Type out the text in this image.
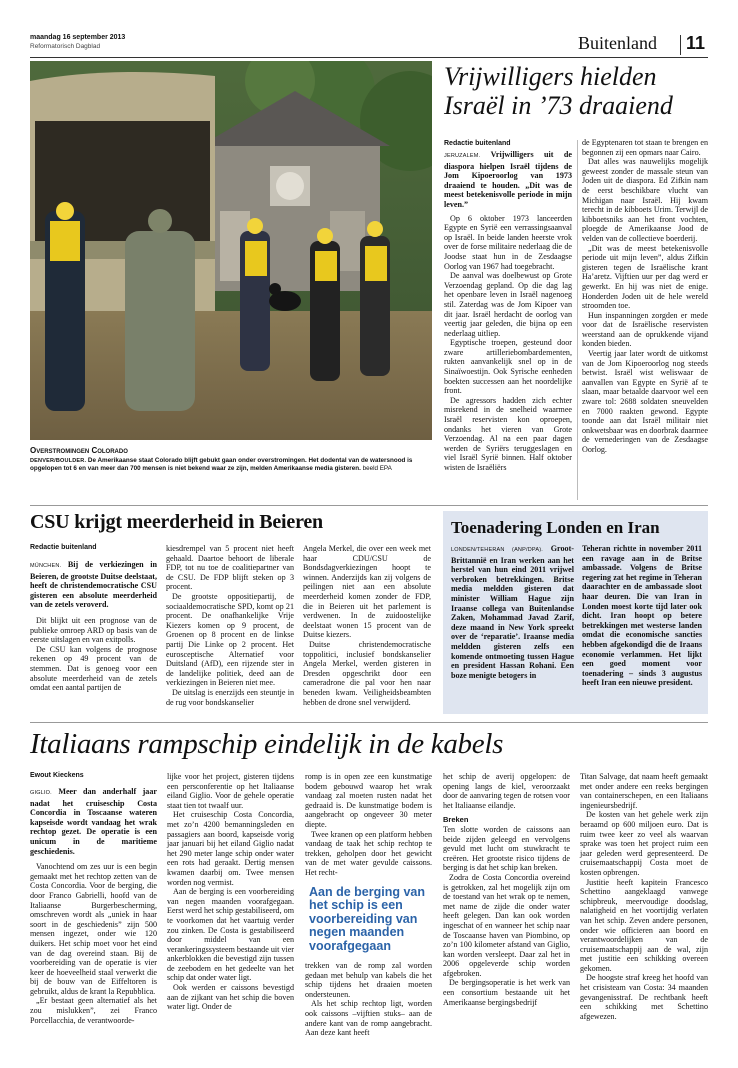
maandag 16 september 2013
Reformatorisch Dagblad	Buitenland 11
Overstromingen Colorado
DENVER/BOULDER. De Amerikaanse staat Colorado blijft gebukt gaan onder overstromingen. Het dodental van de watersnood is opgelopen tot 6 en van meer dan 700 mensen is niet bekend waar ze zijn, melden Amerikaanse media gisteren. beeld EPA
Vrijwilligers hielden
Israël in ’73 draaiend
Redactie buitenland

JERUZALEM. Vrijwilligers uit de diaspora hielpen Israël tijdens de Jom Kipoeroorlog van 1973 draaiend te houden. „Dit was de meest betekenisvolle periode in mijn leven.”

Op 6 oktober 1973 lanceerden Egypte en Syrië een verrassingsaanval op Israël. In beide landen heerste vrok over de forse militaire nederlaag die de Joodse staat hun in de Zesdaagse Oorlog van 1967 had toegebracht.

De aanval was doelbewust op Grote Verzoendag gepland. Op die dag lag het openbare leven in Israël nagenoeg stil. Zaterdag was de Jom Kipoer van dit jaar. Israël herdacht de oorlog van veertig jaar geleden, die bijna op een nederlaag uitliep.

Egyptische troepen, gesteund door zware artilleriebombardementen, rukten aanvankelijk snel op in de Sinaïwoestijn. Ook Syrische eenheden boekten successen aan het noordelijke front.

De agressors hadden zich echter misrekend in de snelheid waarmee Israël reservisten kon oproepen, ondanks het vieren van Grote Verzoendag. Al na een paar dagen werden de Syriërs teruggeslagen en viel Israël Syrië binnen. Half oktober wisten de Israëliërs

de Egyptenaren tot staan te brengen en begonnen zij een opmars naar Cairo.

Dat alles was nauwelijks mogelijk geweest zonder de massale steun van Joden uit de diaspora. Ed Zifkin nam de eerst beschikbare vlucht van Michigan naar Israël. Hij kwam terecht in de kibboets Urim. Terwijl de kibboetsniks aan het front vochten, ploegde de Amerikaanse Jood de velden van de collectieve boerderij.

„Dit was de meest betekenisvolle periode uit mijn leven”, aldus Zifkin gisteren tegen de Israëlische krant Ha’aretz. Vijftien uur per dag werd er gewerkt. En hij was niet de enige. Honderden Joden uit de hele wereld stroomden toe.

Hun inspanningen zorgden er mede voor dat de Israëlische reservisten weerstand aan de oprukkende vijand konden bieden.

Veertig jaar later wordt de uitkomst van de Jom Kipoeroorlog nog steeds betwist. Israël wist weliswaar de aanvallen van Egypte en Syrië af te slaan, maar betaalde daarvoor wel een zware tol: 2688 soldaten sneuvelden en 7000 raakten gewond. Egypte toonde aan dat Israël militair niet onkwetsbaar was en doorbrak daarmee de vernederingen van de Zesdaagse Oorlog.

CSU krijgt meerderheid in Beieren
Redactie buitenland

MÜNCHEN. Bij de verkiezingen in Beieren, de grootste Duitse deelstaat, heeft de christendemocratische CSU gisteren een absolute meerderheid van de zetels veroverd.

Dit blijkt uit een prognose van de publieke omroep ARD op basis van de eerste uitslagen en van exitpolls.

De CSU kan volgens de prognose rekenen op 49 procent van de stemmen. Dat is genoeg voor een absolute meerderheid van de zetels omdat een aantal partijen de

kiesdrempel van 5 procent niet heeft gehaald. Daartoe behoort de liberale FDP, tot nu toe de coalitiepartner van de CSU. De FDP blijft steken op 3 procent.

De grootste oppositiepartij, de sociaaldemocratische SPD, komt op 21 procent. De onafhankelijke Vrije Kiezers komen op 9 procent, de Groenen op 8 procent en de linkse partij Die Linke op 2 procent. Het eurosceptische Alternatief voor Duitsland (AfD), een rijzende ster in de landelijke politiek, deed aan de verkiezingen in Beieren niet mee.

De uitslag is enerzijds een steuntje in de rug voor bondskanselier

Angela Merkel, die over een week met haar CDU/CSU de Bondsdagverkiezingen hoopt te winnen. Anderzijds kan zij volgens de peilingen niet aan een absolute meerderheid komen zonder de FDP, die in Beieren uit het parlement is verdwenen. In de zuidoostelijke deelstaat wonen 15 procent van de Duitse kiezers.

Duitse christendemocratische toppolitici, inclusief bondskanselier Angela Merkel, werden gisteren in Dresden opgeschrikt door een cameradrone die pal voor hen naar beneden kwam. Veiligheidsbeambten hebben de drone snel verwijderd.

Toenadering Londen en Iran

LONDEN/TEHERAN (ANP/DPA). Groot-Brittannië en Iran werken aan het herstel van hun eind 2011 vrijwel verbroken betrekkingen. Britse media meldden gisteren dat minister William Hague zijn Iraanse collega van Buitenlandse Zaken, Mohammad Javad Zarif, deze maand in New York spreekt over de ‘reparatie’. Iraanse media meldden gisteren zelfs een komende ontmoeting tussen Hague en president Hassan Rohani. Een boze menigte betogers in

Teheran richtte in november 2011 een ravage aan in de Britse ambassade. Volgens de Britse regering zat het regime in Teheran daarachter en de ambassade sloot haar deuren. Die van Iran in Londen moest korte tijd later ook dicht. Iran hoopt op betere betrekkingen met westerse landen omdat die economische sancties hebben afgekondigd die de Iraans economie verlammen. Het lijkt een goed moment voor toenadering – sinds 3 augustus heeft Iran een nieuwe president.

Italiaans rampschip eindelijk in de kabels
Ewout Kieckens

GIGLIO. Meer dan anderhalf jaar nadat het cruiseschip Costa Concordia in Toscaanse wateren kapseisde wordt vandaag het wrak rechtop gezet. De operatie is een unicum in de maritieme geschiedenis.

Vanochtend om zes uur is een begin gemaakt met het rechtop zetten van de Costa Concordia. Voor de berging, die door Franco Gabrielli, hoofd van de Italiaanse Burgerbescherming, omschreven wordt als „uniek in haar soort in de geschiedenis” zijn 500 mensen ingezet, onder wie 120 duikers. Het schip moet voor het eind van de dag overeind staan. Bij de voorbereiding van de operatie is vier keer de hoeveelheid staal verwerkt die bij de bouw van de Eiffeltoren is gebruikt, aldus de krant la Repubblica.

„Er bestaat geen alternatief als het zou mislukken”, zei Franco Porcellacchia, de verantwoorde-

lijke voor het project, gisteren tijdens een persconferentie op het Italiaanse eiland Giglio. Voor de gehele operatie staat tien tot twaalf uur.

Het cruiseschip Costa Concordia, met zo’n 4200 bemanningsleden en passagiers aan boord, kapseisde vorig jaar januari bij het eiland Giglio nadat het 290 meter lange schip onder water een rots had geraakt. Dertig mensen kwamen daarbij om. Twee mensen worden nog vermist.

Aan de berging is een voorbereiding van negen maanden voorafgegaan. Eerst werd het schip gestabiliseerd, om te voorkomen dat het vaartuig verder zou zinken. De Costa is gestabiliseerd door middel van een verankeringssysteem bestaande uit vier ankerblokken die bevestigd zijn tussen de zeebodem en het gedeelte van het schip dat onder water ligt.

Ook werden er caissons bevestigd aan de zijkant van het schip die boven water ligt. Onder de

romp is in open zee een kunstmatige bodem gebouwd waarop het wrak vandaag zal moeten rusten nadat het gedraaid is. De kunstmatige bodem is aangebracht op ongeveer 30 meter diepte.

Twee kranen op een platform hebben vandaag de taak het schip rechtop te trekken, geholpen door het gewicht van de met water gevulde caissons. Het recht-

Aan de berging van het schip is een voorbereiding van negen maanden voorafgegaan

trekken van de romp zal worden gedaan met behulp van kabels die het schip tijdens het draaien moeten ondersteunen.

Als het schip rechtop ligt, worden ook caissons –vijftien stuks– aan de andere kant van de romp aangebracht. Aan deze kant heeft

het schip de averij opgelopen: de opening langs de kiel, veroorzaakt door de aanvaring tegen de rotsen voor het Italiaanse eilandje.

Breken

Ten slotte worden de caissons aan beide zijden geleegd en vervolgens gevuld met lucht om stuwkracht te creëren. Het grootste risico tijdens de berging is dat het schip kan breken.

Zodra de Costa Concordia overeind is getrokken, zal het mogelijk zijn om de toestand van het wrak op te nemen, met name de zijde die onder water heeft gelegen. Dan kan ook worden ingeschat of en wanneer het schip naar de Toscaanse haven van Piombino, op zo’n 100 kilometer afstand van Giglio, kan worden versleept. Daar zal het in 2006 opgeleverde schip worden afgebroken.

De bergingsoperatie is het werk van een consortium bestaande uit het Amerikaanse bergingsbedrijf

Titan Salvage, dat naam heeft gemaakt met onder andere een reeks bergingen van containerschepen, en een Italiaans ingenieursbedrijf.

De kosten van het gehele werk zijn beraamd op 600 miljoen euro. Dat is ruim twee keer zo veel als waarvan sprake was toen het project ruim een jaar geleden werd gepresenteerd. De cruisemaatschappij Costa moet de kosten opbrengen.

Justitie heeft kapitein Francesco Schettino aangeklaagd vanwege schipbreuk, meervoudige doodslag, nalatigheid en het voortijdig verlaten van het schip. Zeven andere personen, onder wie officieren aan boord en verantwoordelijken van de cruisemaatschappij aan de wal, zijn met justitie een schikking overeen gekomen.

De hoogste straf kreeg het hoofd van het crisisteam van Costa: 34 maanden gevangenisstraf. De rechtbank heeft een schikking met Schettino afgewezen.
